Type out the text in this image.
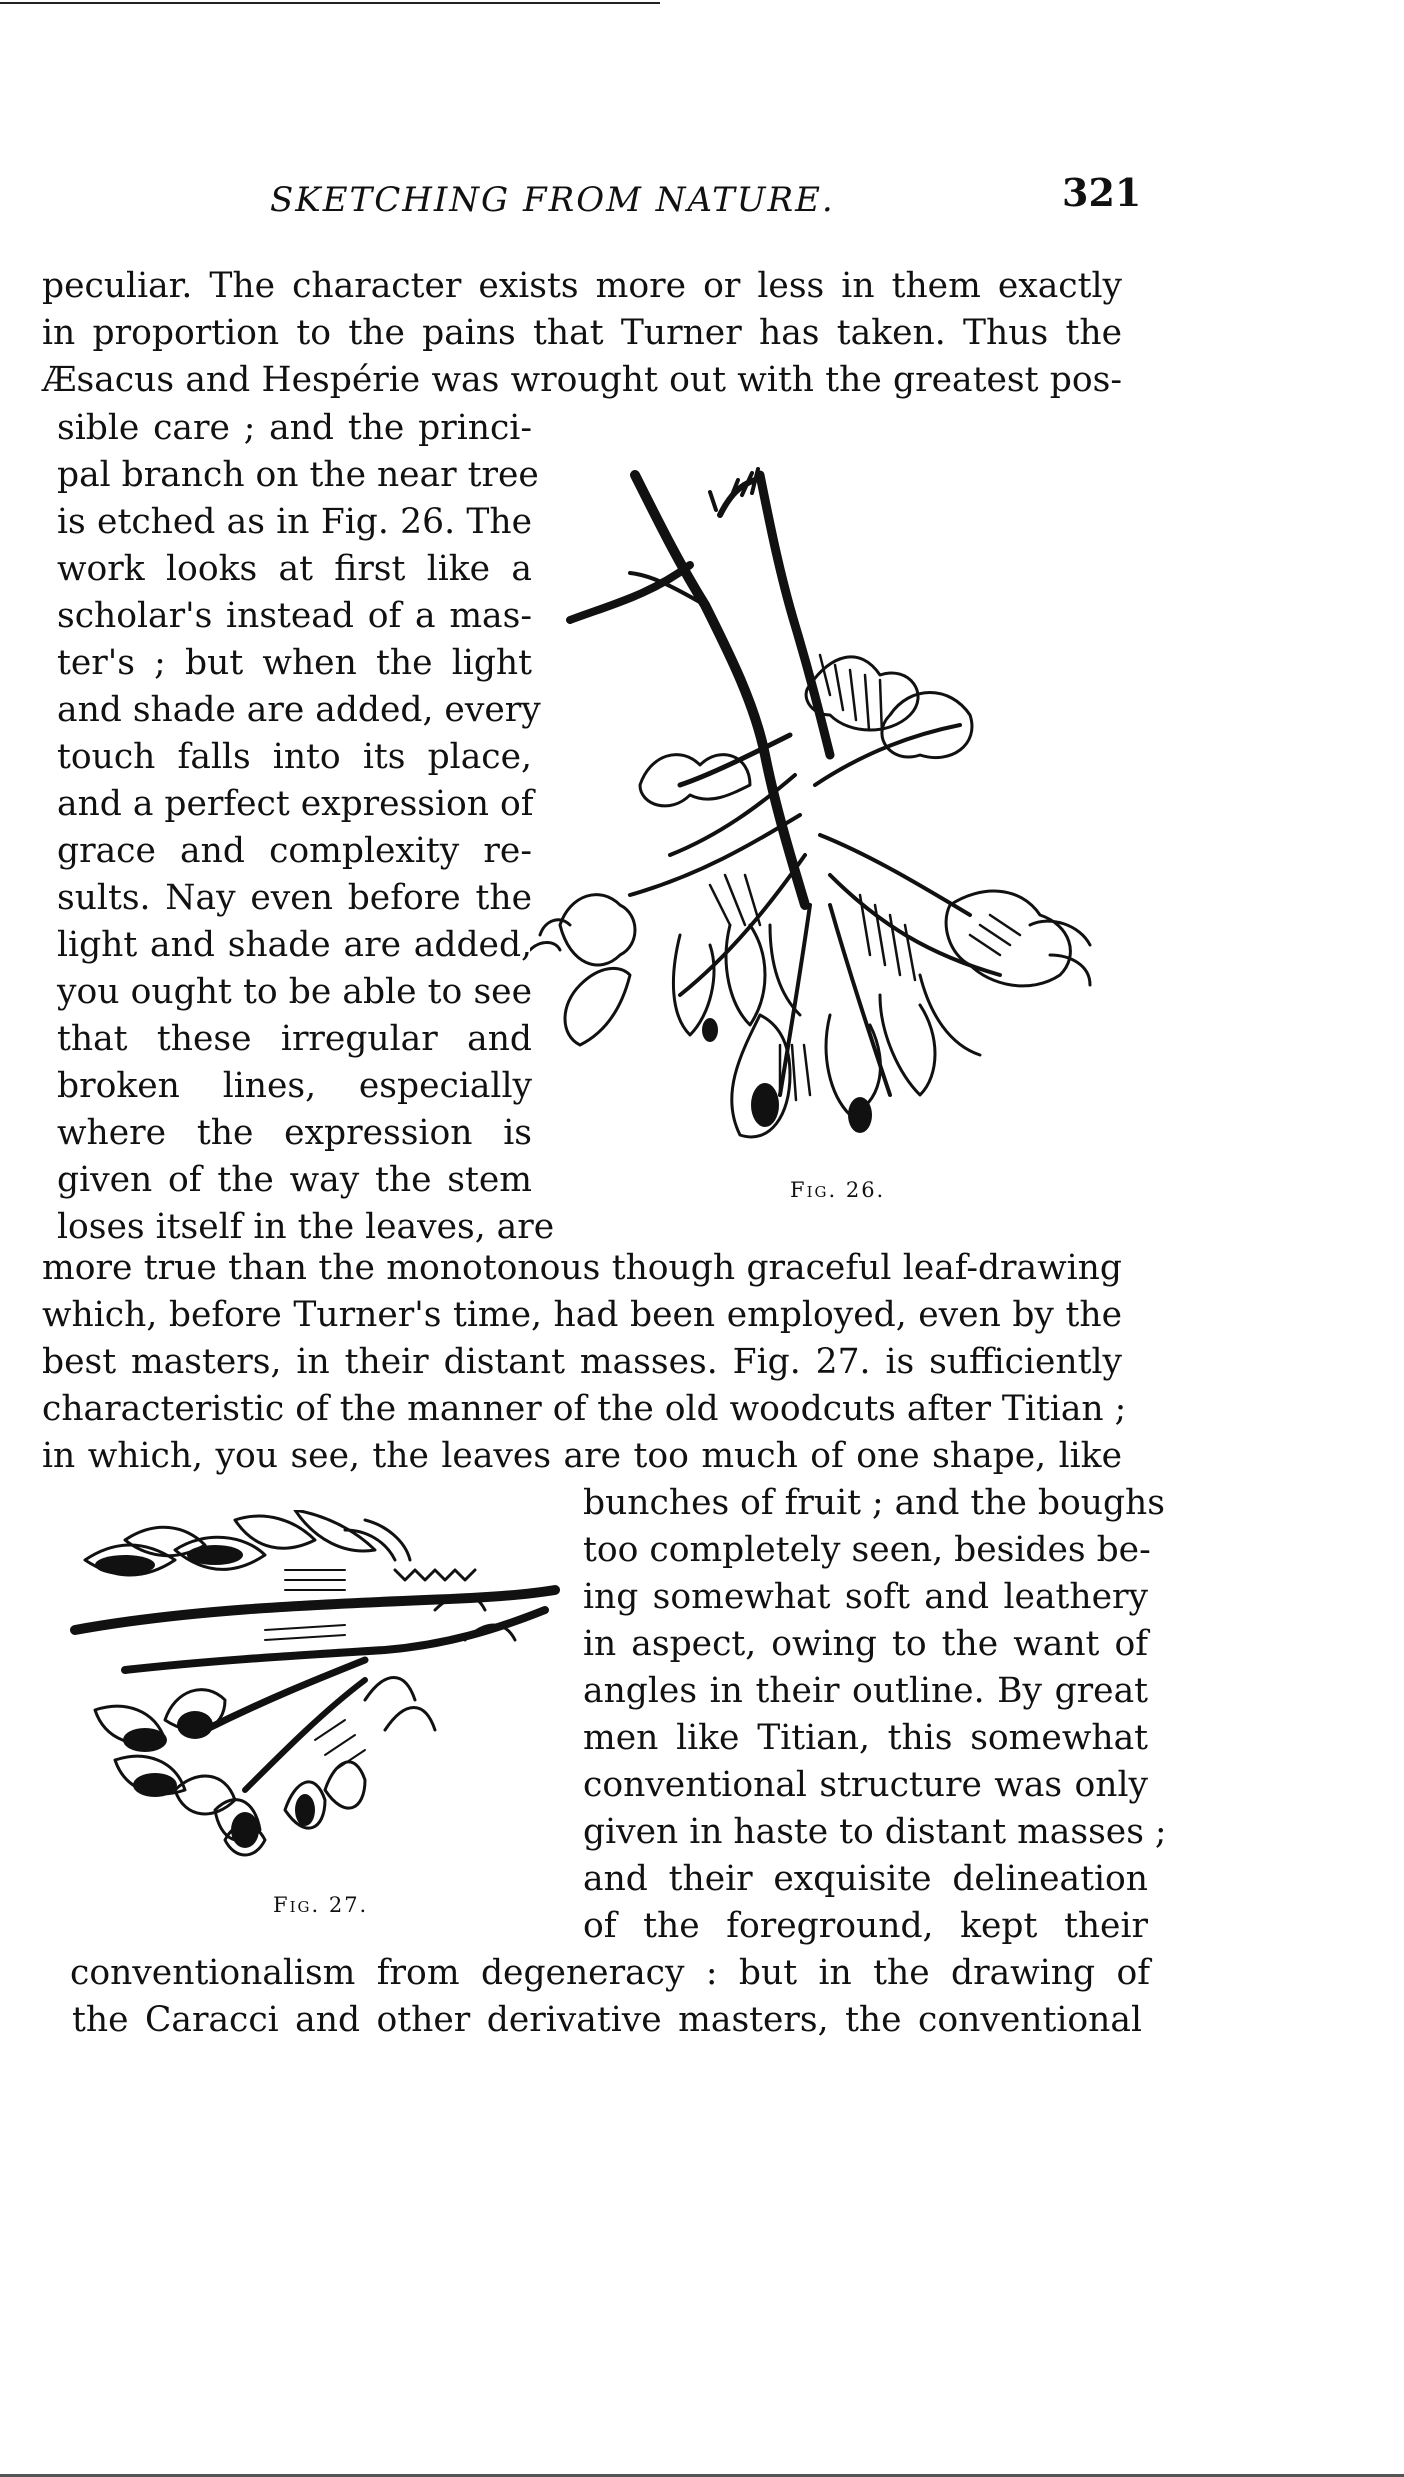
SKETCHING FROM NATURE.	321
peculiar. The character exists more or less in them exactly
in proportion to the pains that Turner has taken. Thus the
Æsacus and Hespérie was wrought out with the greatest pos-
sible care ; and the princi-
pal branch on the near tree
is etched as in Fig. 26. The
work looks at first like a
scholar's instead of a mas-
ter's ; but when the light
and shade are added, every
touch falls into its place,
and a perfect expression of
grace and complexity re-
sults. Nay even before the
light and shade are added,
you ought to be able to see
that these irregular and
broken lines, especially
where the expression is
given of the way the stem
loses itself in the leaves, are
Fig. 26.
more true than the monotonous though graceful leaf-drawing
which, before Turner's time, had been employed, even by the
best masters, in their distant masses. Fig. 27. is sufficiently
characteristic of the manner of the old woodcuts after Titian ;
in which, you see, the leaves are too much of one shape, like
Fig. 27.
bunches of fruit ; and the boughs
too completely seen, besides be-
ing somewhat soft and leathery
in aspect, owing to the want of
angles in their outline. By great
men like Titian, this somewhat
conventional structure was only
given in haste to distant masses ;
and their exquisite delineation
of the foreground, kept their
conventionalism from degeneracy : but in the drawing of
the Caracci and other derivative masters, the conventional
